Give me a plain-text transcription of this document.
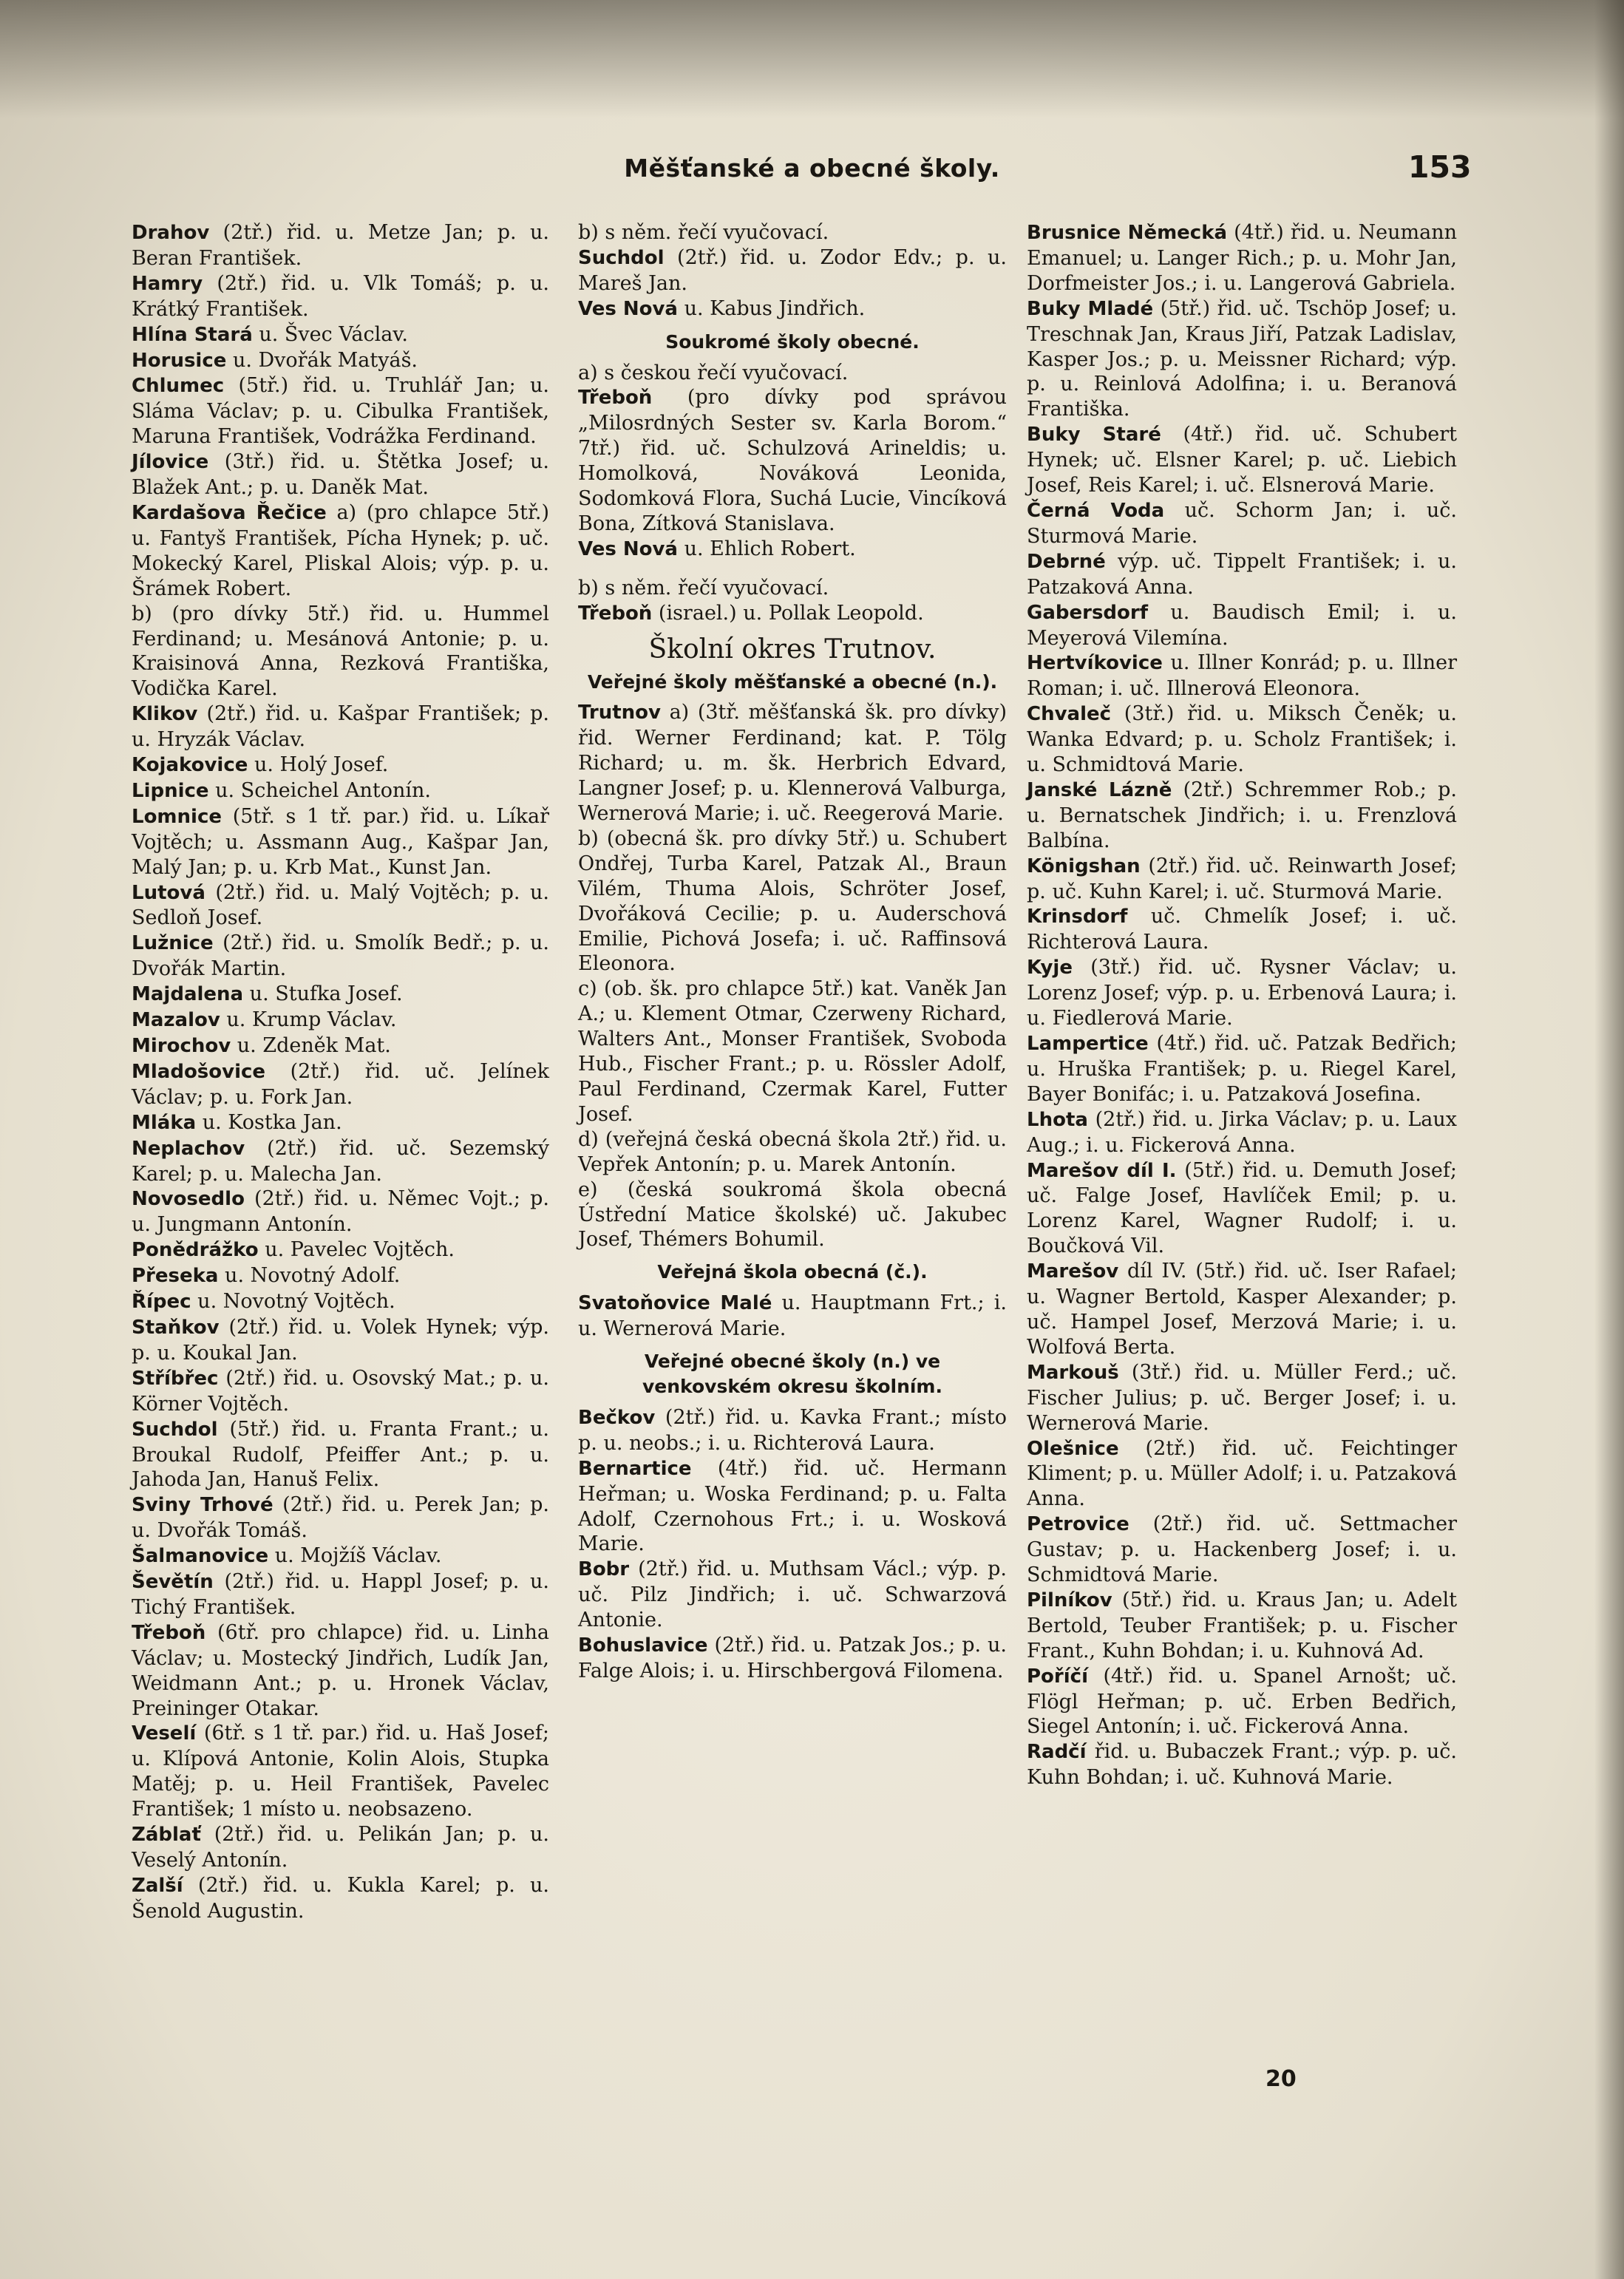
Měšťanské a obecné školy.	153

Drahov (2tř.) řid. u. Metze Jan; p. u. Beran František.

Hamry (2tř.) řid. u. Vlk Tomáš; p. u. Krátký František.

Hlína Stará u. Švec Václav.

Horusice u. Dvořák Matyáš.

Chlumec (5tř.) řid. u. Truhlář Jan; u. Sláma Václav; p. u. Cibulka František, Maruna František, Vodrážka Ferdinand.

Jílovice (3tř.) řid. u. Štětka Josef; u. Blažek Ant.; p. u. Daněk Mat.

Kardašova Řečice a) (pro chlapce 5tř.) u. Fantyš František, Pícha Hynek; p. uč. Mokecký Karel, Pliskal Alois; výp. p. u. Šrámek Robert.

b) (pro dívky 5tř.) řid. u. Hummel Ferdinand; u. Mesánová Antonie; p. u. Kraisinová Anna, Rezková Františka, Vodička Karel.

Klikov (2tř.) řid. u. Kašpar František; p. u. Hryzák Václav.

Kojakovice u. Holý Josef.

Lipnice u. Scheichel Antonín.

Lomnice (5tř. s 1 tř. par.) řid. u. Líkař Vojtěch; u. Assmann Aug., Kašpar Jan, Malý Jan; p. u. Krb Mat., Kunst Jan.

Lutová (2tř.) řid. u. Malý Vojtěch; p. u. Sedloň Josef.

Lužnice (2tř.) řid. u. Smolík Bedř.; p. u. Dvořák Martin.

Majdalena u. Stufka Josef.

Mazalov u. Krump Václav.

Mirochov u. Zdeněk Mat.

Mladošovice (2tř.) řid. uč. Jelínek Václav; p. u. Fork Jan.

Mláka u. Kostka Jan.

Neplachov (2tř.) řid. uč. Sezemský Karel; p. u. Malecha Jan.

Novosedlo (2tř.) řid. u. Němec Vojt.; p. u. Jungmann Antonín.

Ponědrážko u. Pavelec Vojtěch.

Přeseka u. Novotný Adolf.

Řípec u. Novotný Vojtěch.

Staňkov (2tř.) řid. u. Volek Hynek; výp. p. u. Koukal Jan.

Stříbřec (2tř.) řid. u. Osovský Mat.; p. u. Körner Vojtěch.

Suchdol (5tř.) řid. u. Franta Frant.; u. Broukal Rudolf, Pfeiffer Ant.; p. u. Jahoda Jan, Hanuš Felix.

Sviny Trhové (2tř.) řid. u. Perek Jan; p. u. Dvořák Tomáš.

Šalmanovice u. Mojžíš Václav.

Ševětín (2tř.) řid. u. Happl Josef; p. u. Tichý František.

Třeboň (6tř. pro chlapce) řid. u. Linha Václav; u. Mostecký Jindřich, Ludík Jan, Weidmann Ant.; p. u. Hronek Václav, Preininger Otakar.

Veselí (6tř. s 1 tř. par.) řid. u. Haš Josef; u. Klípová Antonie, Kolin Alois, Stupka Matěj; p. u. Heil František, Pavelec František; 1 místo u. neobsazeno.

Záblať (2tř.) řid. u. Pelikán Jan; p. u. Veselý Antonín.

Zalší (2tř.) řid. u. Kukla Karel; p. u. Šenold Augustin.

b) s něm. řečí vyučovací.

Suchdol (2tř.) řid. u. Zodor Edv.; p. u. Mareš Jan.

Ves Nová u. Kabus Jindřich.

Soukromé školy obecné.

a) s českou řečí vyučovací.

Třeboň (pro dívky pod správou „Milosrdných Sester sv. Karla Borom.“ 7tř.) řid. uč. Schulzová Arineldis; u. Homolková, Nováková Leonida, Sodomková Flora, Suchá Lucie, Vincíková Bona, Zítková Stanislava.

Ves Nová u. Ehlich Robert.

b) s něm. řečí vyučovací.

Třeboň (israel.) u. Pollak Leopold.

Školní okres Trutnov.
Veřejné školy měšťanské a obecné (n.).

Trutnov a) (3tř. měšťanská šk. pro dívky) řid. Werner Ferdinand; kat. P. Tölg Richard; u. m. šk. Herbrich Edvard, Langner Josef; p. u. Klennerová Valburga, Wernerová Marie; i. uč. Reegerová Marie.

b) (obecná šk. pro dívky 5tř.) u. Schubert Ondřej, Turba Karel, Patzak Al., Braun Vilém, Thuma Alois, Schröter Josef, Dvořáková Cecilie; p. u. Auderschová Emilie, Pichová Josefa; i. uč. Raffinsová Eleonora.

c) (ob. šk. pro chlapce 5tř.) kat. Vaněk Jan A.; u. Klement Otmar, Czerweny Richard, Walters Ant., Monser František, Svoboda Hub., Fischer Frant.; p. u. Rössler Adolf, Paul Ferdinand, Czermak Karel, Futter Josef.

d) (veřejná česká obecná škola 2tř.) řid. u. Vepřek Antonín; p. u. Marek Antonín.

e) (česká soukromá škola obecná Ústřední Matice školské) uč. Jakubec Josef, Thémers Bohumil.

Veřejná škola obecná (č.).

Svatoňovice Malé u. Hauptmann Frt.; i. u. Wernerová Marie.

Veřejné obecné školy (n.) ve venkovském okresu školním.

Bečkov (2tř.) řid. u. Kavka Frant.; místo p. u. neobs.; i. u. Richterová Laura.

Bernartice (4tř.) řid. uč. Hermann Heřman; u. Woska Ferdinand; p. u. Falta Adolf, Czernohous Frt.; i. u. Wosková Marie.

Bobr (2tř.) řid. u. Muthsam Václ.; výp. p. uč. Pilz Jindřich; i. uč. Schwarzová Antonie.

Bohuslavice (2tř.) řid. u. Patzak Jos.; p. u. Falge Alois; i. u. Hirschbergová Filomena.

Brusnice Německá (4tř.) řid. u. Neumann Emanuel; u. Langer Rich.; p. u. Mohr Jan, Dorfmeister Jos.; i. u. Langerová Gabriela.

Buky Mladé (5tř.) řid. uč. Tschöp Josef; u. Treschnak Jan, Kraus Jiří, Patzak Ladislav, Kasper Jos.; p. u. Meissner Richard; výp. p. u. Reinlová Adolfina; i. u. Beranová Františka.

Buky Staré (4tř.) řid. uč. Schubert Hynek; uč. Elsner Karel; p. uč. Liebich Josef, Reis Karel; i. uč. Elsnerová Marie.

Černá Voda uč. Schorm Jan; i. uč. Sturmová Marie.

Debrné výp. uč. Tippelt František; i. u. Patzaková Anna.

Gabersdorf u. Baudisch Emil; i. u. Meyerová Vilemína.

Hertvíkovice u. Illner Konrád; p. u. Illner Roman; i. uč. Illnerová Eleonora.

Chvaleč (3tř.) řid. u. Miksch Čeněk; u. Wanka Edvard; p. u. Scholz František; i. u. Schmidtová Marie.

Janské Lázně (2tř.) Schremmer Rob.; p. u. Bernatschek Jindřich; i. u. Frenzlová Balbína.

Königshan (2tř.) řid. uč. Reinwarth Josef; p. uč. Kuhn Karel; i. uč. Sturmová Marie.

Krinsdorf uč. Chmelík Josef; i. uč. Richterová Laura.

Kyje (3tř.) řid. uč. Rysner Václav; u. Lorenz Josef; výp. p. u. Erbenová Laura; i. u. Fiedlerová Marie.

Lampertice (4tř.) řid. uč. Patzak Bedřich; u. Hruška František; p. u. Riegel Karel, Bayer Bonifác; i. u. Patzaková Josefina.

Lhota (2tř.) řid. u. Jirka Václav; p. u. Laux Aug.; i. u. Fickerová Anna.

Marešov díl I. (5tř.) řid. u. Demuth Josef; uč. Falge Josef, Havlíček Emil; p. u. Lorenz Karel, Wagner Rudolf; i. u. Boučková Vil.

Marešov díl IV. (5tř.) řid. uč. Iser Rafael; u. Wagner Bertold, Kasper Alexander; p. uč. Hampel Josef, Merzová Marie; i. u. Wolfová Berta.

Markouš (3tř.) řid. u. Müller Ferd.; uč. Fischer Julius; p. uč. Berger Josef; i. u. Wernerová Marie.

Olešnice (2tř.) řid. uč. Feichtinger Kliment; p. u. Müller Adolf; i. u. Patzaková Anna.

Petrovice (2tř.) řid. uč. Settmacher Gustav; p. u. Hackenberg Josef; i. u. Schmidtová Marie.

Pilníkov (5tř.) řid. u. Kraus Jan; u. Adelt Bertold, Teuber František; p. u. Fischer Frant., Kuhn Bohdan; i. u. Kuhnová Ad.

Poříčí (4tř.) řid. u. Spanel Arnošt; uč. Flögl Heřman; p. uč. Erben Bedřich, Siegel Antonín; i. uč. Fickerová Anna.

Radčí řid. u. Bubaczek Frant.; výp. p. uč. Kuhn Bohdan; i. uč. Kuhnová Marie.

20
